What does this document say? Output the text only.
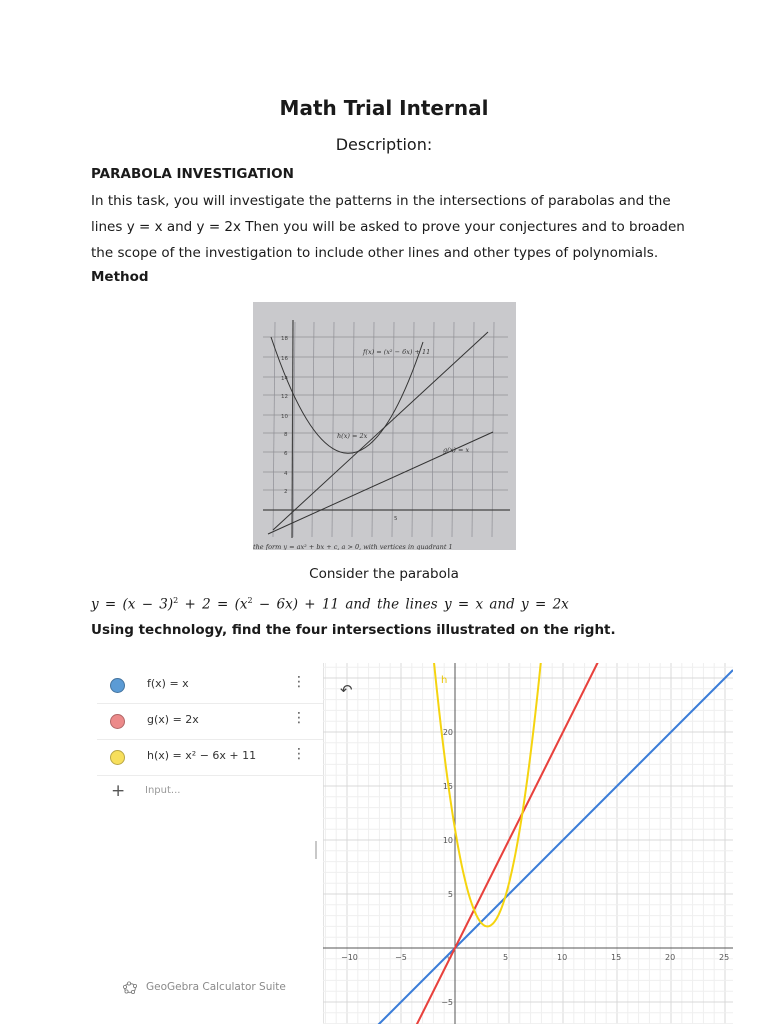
Math Trial Internal
Description:
PARABOLA INVESTIGATION

In this task, you will investigate the patterns in the intersections of parabolas and the lines y = x and y = 2x Then you will be asked to prove your conjectures and to broaden the scope of the investigation to include other lines and other types of polynomials.

Method
f(x) = (x² − 6x) + 11
h(x) = 2x
g(x) = x
18
16
14
12
10
8
6
4
2
5
the form y = ax² + bx + c, a > 0, with vertices in quadrant 1
Consider the parabola
$y = (x - 3)^2 + 2 = (x^2 - 6x) + 11$ and the lines y = x and y = 2x
Using technology, find the four intersections illustrated on the right.
f(x) = x	⋮
g(x) = 2x	⋮
h(x) = x² − 6x + 11	⋮
+ Input...
GeoGebra Calculator Suite
−10	−5	5	10	15	20	25
0
−5
5
10
15
20
h
↶
